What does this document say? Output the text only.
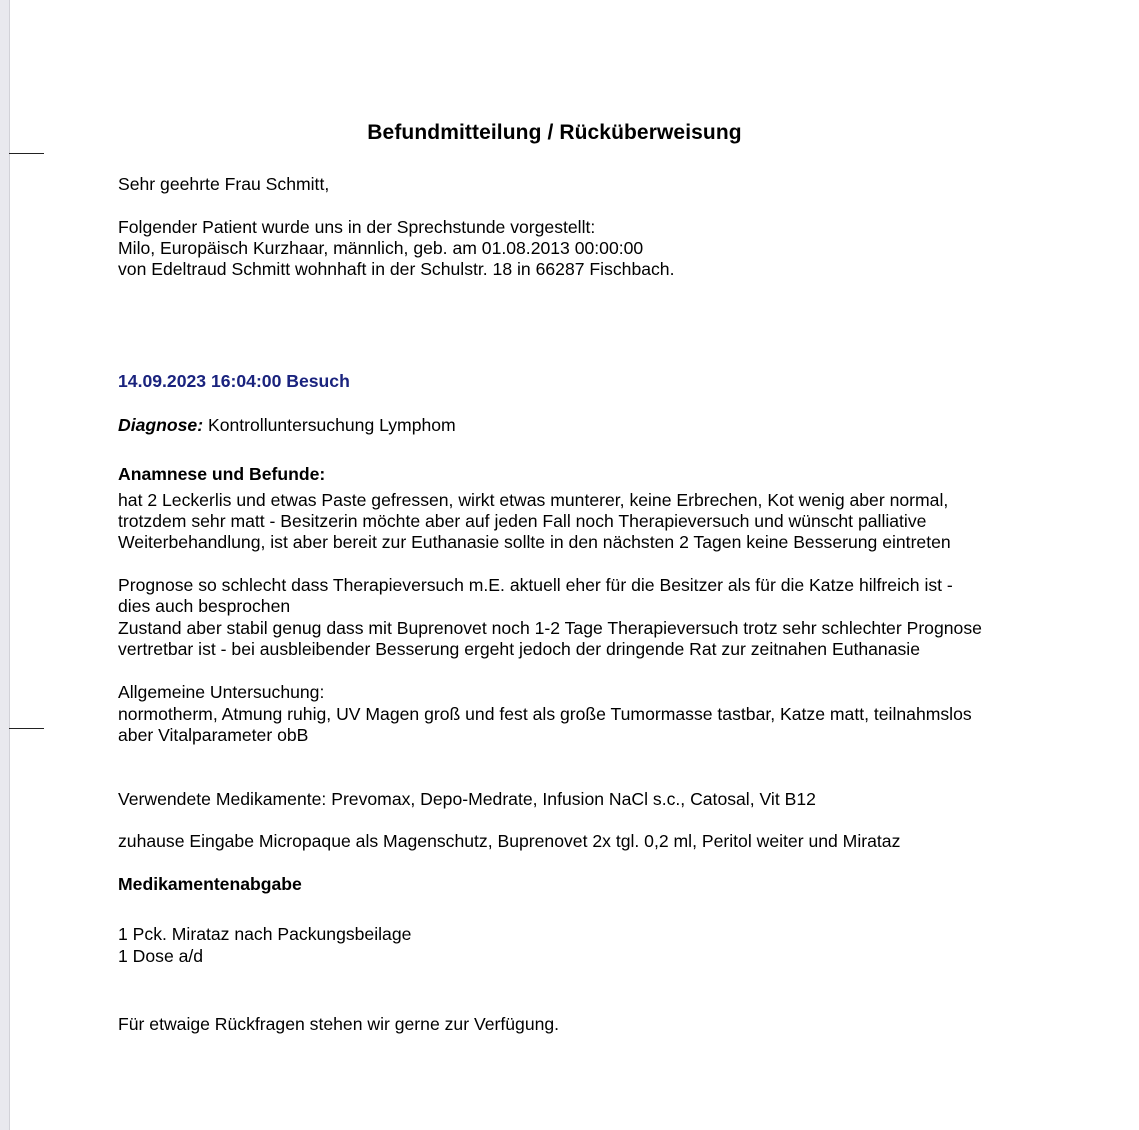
Befundmitteilung / Rücküberweisung
Sehr geehrte Frau Schmitt,
Folgender Patient wurde uns in der Sprechstunde vorgestellt:
Milo, Europäisch Kurzhaar, männlich, geb. am 01.08.2013 00:00:00
von Edeltraud Schmitt wohnhaft in der Schulstr. 18 in 66287 Fischbach.
14.09.2023 16:04:00 Besuch
Diagnose: Kontrolluntersuchung Lymphom
Anamnese und Befunde:
hat 2 Leckerlis und etwas Paste gefressen, wirkt etwas munterer, keine Erbrechen, Kot wenig aber normal,
trotzdem sehr matt - Besitzerin möchte aber auf jeden Fall noch Therapieversuch und wünscht palliative
Weiterbehandlung, ist aber bereit zur Euthanasie sollte in den nächsten 2 Tagen keine Besserung eintreten
Prognose so schlecht dass Therapieversuch m.E. aktuell eher für die Besitzer als für die Katze hilfreich ist -
dies auch besprochen
Zustand aber stabil genug dass mit Buprenovet noch 1-2 Tage Therapieversuch trotz sehr schlechter Prognose
vertretbar ist - bei ausbleibender Besserung ergeht jedoch der dringende Rat zur zeitnahen Euthanasie
Allgemeine Untersuchung:
normotherm, Atmung ruhig, UV Magen groß und fest als große Tumormasse tastbar, Katze matt, teilnahmslos
aber Vitalparameter obB
Verwendete Medikamente: Prevomax, Depo-Medrate, Infusion NaCl s.c., Catosal, Vit B12
zuhause Eingabe Micropaque als Magenschutz, Buprenovet 2x tgl. 0,2 ml, Peritol weiter und Mirataz
Medikamentenabgabe
1 Pck. Mirataz nach Packungsbeilage
1 Dose a/d
Für etwaige Rückfragen stehen wir gerne zur Verfügung.
